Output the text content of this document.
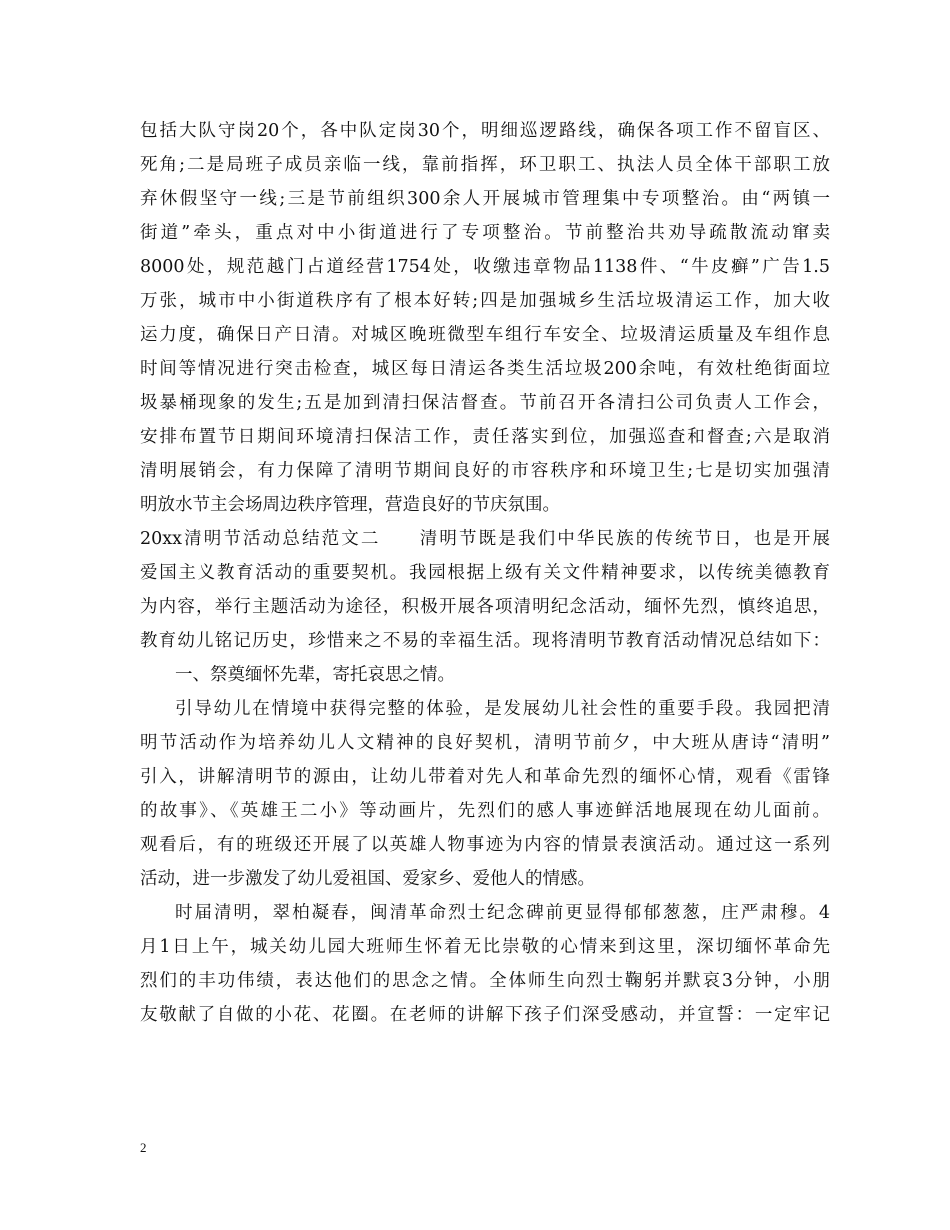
包括大队守岗20个，各中队定岗30个，明细巡逻路线，确保各项工作不留盲区、
死角;二是局班子成员亲临一线，靠前指挥，环卫职工、执法人员全体干部职工放
弃休假坚守一线;三是节前组织300余人开展城市管理集中专项整治。由“两镇一
街道”牵头，重点对中小街道进行了专项整治。节前整治共劝导疏散流动窜卖
8000处，规范越门占道经营1754处，收缴违章物品1138件、“牛皮癣”广告1.5
万张，城市中小街道秩序有了根本好转;四是加强城乡生活垃圾清运工作，加大收
运力度，确保日产日清。对城区晚班微型车组行车安全、垃圾清运质量及车组作息
时间等情况进行突击检查，城区每日清运各类生活垃圾200余吨，有效杜绝街面垃
圾暴桶现象的发生;五是加到清扫保洁督查。节前召开各清扫公司负责人工作会，
安排布置节日期间环境清扫保洁工作，责任落实到位，加强巡查和督查;六是取消
清明展销会，有力保障了清明节期间良好的市容秩序和环境卫生;七是切实加强清
明放水节主会场周边秩序管理，营造良好的节庆氛围。
20xx清明节活动总结范文二　　清明节既是我们中华民族的传统节日，也是开展
爱国主义教育活动的重要契机。我园根据上级有关文件精神要求，以传统美德教育
为内容，举行主题活动为途径，积极开展各项清明纪念活动，缅怀先烈，慎终追思，
教育幼儿铭记历史，珍惜来之不易的幸福生活。现将清明节教育活动情况总结如下：
一、祭奠缅怀先辈，寄托哀思之情。
引导幼儿在情境中获得完整的体验，是发展幼儿社会性的重要手段。我园把清
明节活动作为培养幼儿人文精神的良好契机，清明节前夕，中大班从唐诗“清明”
引入，讲解清明节的源由，让幼儿带着对先人和革命先烈的缅怀心情，观看《雷锋
的故事》、《英雄王二小》等动画片，先烈们的感人事迹鲜活地展现在幼儿面前。
观看后，有的班级还开展了以英雄人物事迹为内容的情景表演活动。通过这一系列
活动，进一步激发了幼儿爱祖国、爱家乡、爱他人的情感。
时届清明，翠柏凝春，闽清革命烈士纪念碑前更显得郁郁葱葱，庄严肃穆。4
月1日上午，城关幼儿园大班师生怀着无比崇敬的心情来到这里，深切缅怀革命先
烈们的丰功伟绩，表达他们的思念之情。全体师生向烈士鞠躬并默哀3分钟，小朋
友敬献了自做的小花、花圈。在老师的讲解下孩子们深受感动，并宣誓：一定牢记
2
